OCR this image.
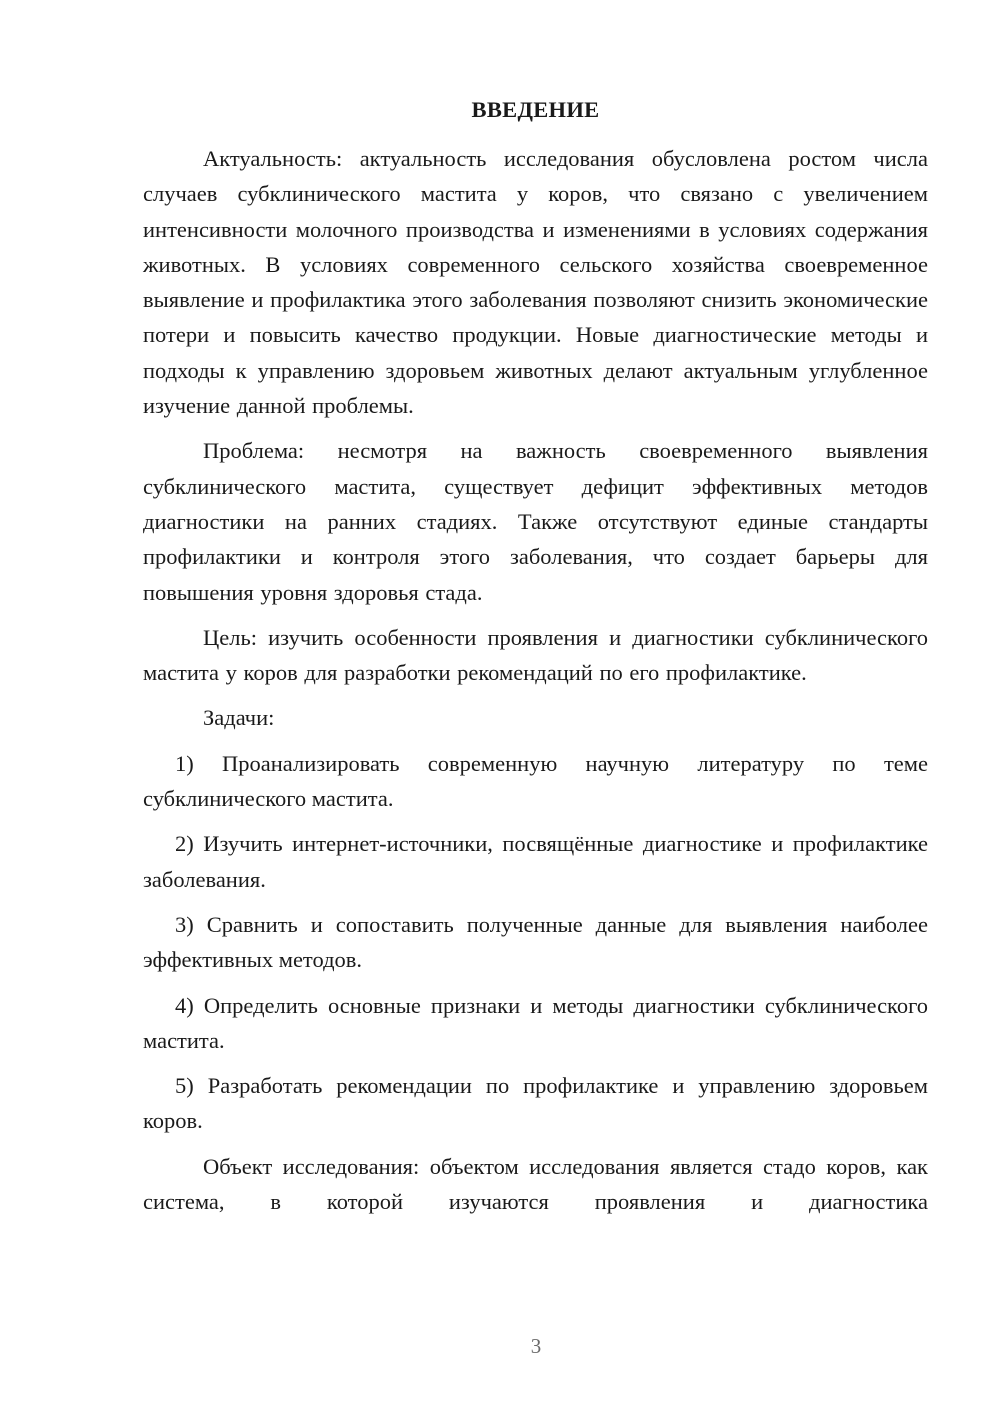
ВВЕДЕНИЕ

Актуальность: актуальность исследования обусловлена ростом числа случаев субклинического мастита у коров, что связано с увеличением интенсивности молочного производства и изменениями в условиях содержания животных. В условиях современного сельского хозяйства своевременное выявление и профилактика этого заболевания позволяют снизить экономические потери и повысить качество продукции. Новые диагностические методы и подходы к управлению здоровьем животных делают актуальным углубленное изучение данной проблемы.

Проблема: несмотря на важность своевременного выявления субклинического мастита, существует дефицит эффективных методов диагностики на ранних стадиях. Также отсутствуют единые стандарты профилактики и контроля этого заболевания, что создает барьеры для повышения уровня здоровья стада.

Цель: изучить особенности проявления и диагностики субклинического мастита у коров для разработки рекомендаций по его профилактике.

Задачи:

1) Проанализировать современную научную литературу по теме субклинического мастита.

2) Изучить интернет-источники, посвящённые диагностике и профилактике заболевания.

3) Сравнить и сопоставить полученные данные для выявления наиболее эффективных методов.

4) Определить основные признаки и методы диагностики субклинического мастита.

5) Разработать рекомендации по профилактике и управлению здоровьем коров.

Объект исследования: объектом исследования является стадо коров, как система, в которой изучаются проявления и диагностика

3
